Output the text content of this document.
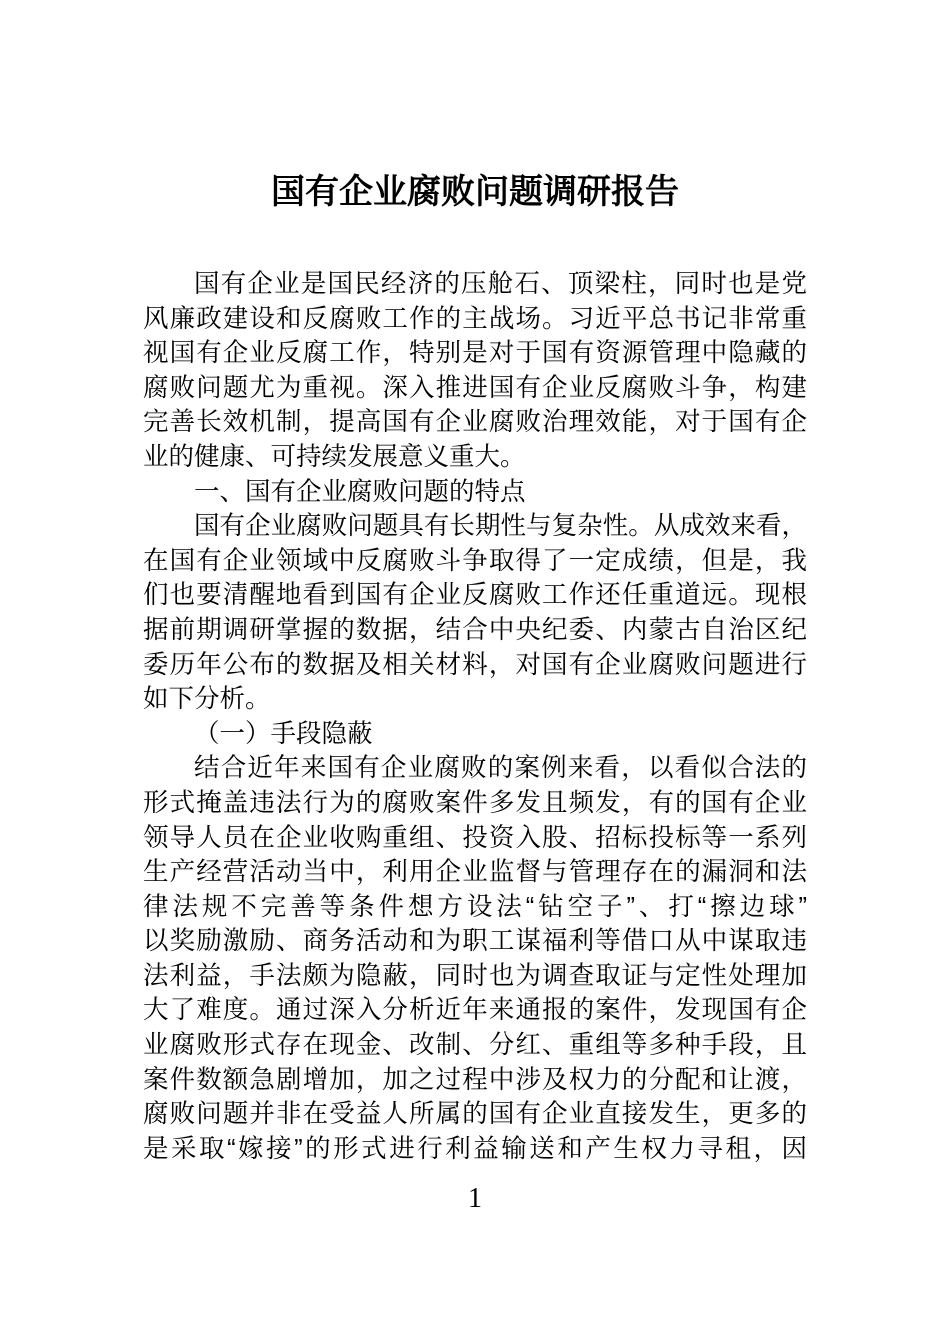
国有企业腐败问题调研报告
国有企业是国民经济的压舱石、顶梁柱，同时也是党
风廉政建设和反腐败工作的主战场。习近平总书记非常重
视国有企业反腐工作，特别是对于国有资源管理中隐藏的
腐败问题尤为重视。深入推进国有企业反腐败斗争，构建
完善长效机制，提高国有企业腐败治理效能，对于国有企
业的健康、可持续发展意义重大。
一、国有企业腐败问题的特点
国有企业腐败问题具有长期性与复杂性。从成效来看，
在国有企业领域中反腐败斗争取得了一定成绩，但是，我
们也要清醒地看到国有企业反腐败工作还任重道远。现根
据前期调研掌握的数据，结合中央纪委、内蒙古自治区纪
委历年公布的数据及相关材料，对国有企业腐败问题进行
如下分析。
（一）手段隐蔽
结合近年来国有企业腐败的案例来看，以看似合法的
形式掩盖违法行为的腐败案件多发且频发，有的国有企业
领导人员在企业收购重组、投资入股、招标投标等一系列
生产经营活动当中，利用企业监督与管理存在的漏洞和法
律法规不完善等条件想方设法“钻空子”、打“擦边球”
以奖励激励、商务活动和为职工谋福利等借口从中谋取违
法利益，手法颇为隐蔽，同时也为调查取证与定性处理加
大了难度。通过深入分析近年来通报的案件，发现国有企
业腐败形式存在现金、改制、分红、重组等多种手段，且
案件数额急剧增加，加之过程中涉及权力的分配和让渡，
腐败问题并非在受益人所属的国有企业直接发生，更多的
是采取“嫁接”的形式进行利益输送和产生权力寻租，因
1
